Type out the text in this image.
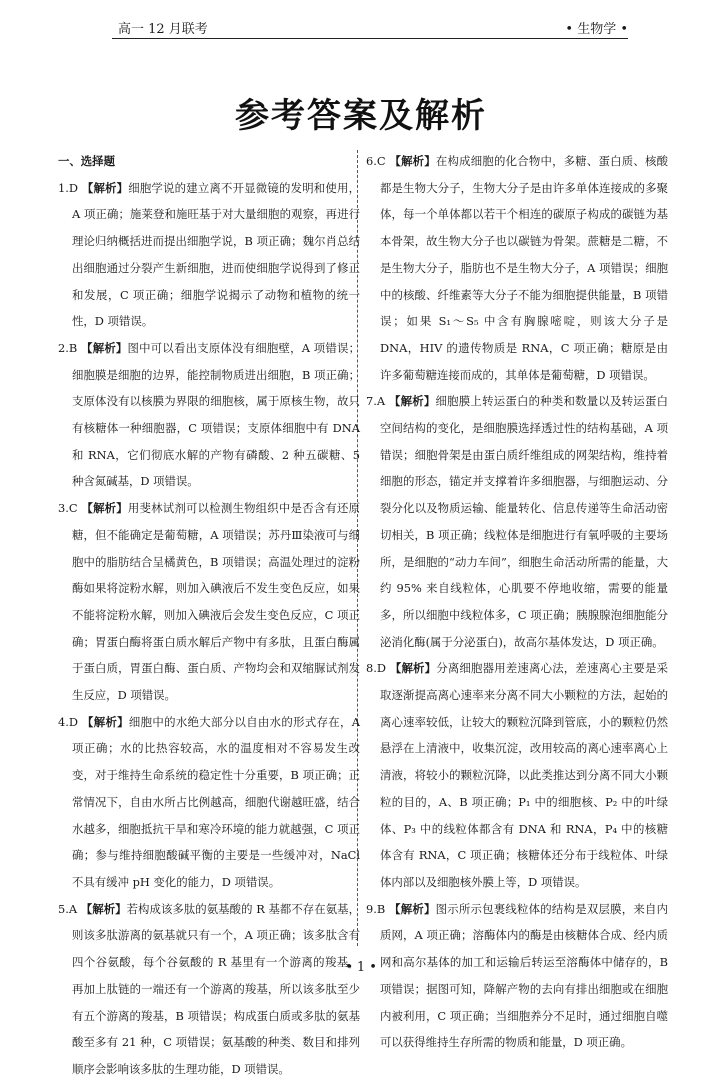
高一 12 月联考	• 生物学 •
参考答案及解析
一、选择题

1.D 【解析】细胞学说的建立离不开显微镜的发明和使用，A 项正确；施莱登和施旺基于对大量细胞的观察，再进行理论归纳概括进而提出细胞学说，B 项正确；魏尔肖总结出细胞通过分裂产生新细胞，进而使细胞学说得到了修正和发展，C 项正确；细胞学说揭示了动物和植物的统一性，D 项错误。

2.B 【解析】图中可以看出支原体没有细胞壁，A 项错误；细胞膜是细胞的边界，能控制物质进出细胞，B 项正确；支原体没有以核膜为界限的细胞核，属于原核生物，故只有核糖体一种细胞器，C 项错误；支原体细胞中有 DNA 和 RNA，它们彻底水解的产物有磷酸、2 种五碳糖、5 种含氮碱基，D 项错误。

3.C 【解析】用斐林试剂可以检测生物组织中是否含有还原糖，但不能确定是葡萄糖，A 项错误；苏丹Ⅲ染液可与细胞中的脂肪结合呈橘黄色，B 项错误；高温处理过的淀粉酶如果将淀粉水解，则加入碘液后不发生变色反应，如果不能将淀粉水解，则加入碘液后会发生变色反应，C 项正确；胃蛋白酶将蛋白质水解后产物中有多肽，且蛋白酶属于蛋白质，胃蛋白酶、蛋白质、产物均会和双缩脲试剂发生反应，D 项错误。

4.D 【解析】细胞中的水绝大部分以自由水的形式存在，A 项正确；水的比热容较高，水的温度相对不容易发生改变，对于维持生命系统的稳定性十分重要，B 项正确；正常情况下，自由水所占比例越高，细胞代谢越旺盛，结合水越多，细胞抵抗干旱和寒冷环境的能力就越强，C 项正确；参与维持细胞酸碱平衡的主要是一些缓冲对，NaCl 不具有缓冲 pH 变化的能力，D 项错误。

5.A 【解析】若构成该多肽的氨基酸的 R 基都不存在氨基，则该多肽游离的氨基就只有一个，A 项正确；该多肽含有四个谷氨酸，每个谷氨酸的 R 基里有一个游离的羧基，再加上肽链的一端还有一个游离的羧基，所以该多肽至少有五个游离的羧基，B 项错误；构成蛋白质或多肽的氨基酸至多有 21 种，C 项错误；氨基酸的种类、数目和排列顺序会影响该多肽的生理功能，D 项错误。

6.C 【解析】在构成细胞的化合物中，多糖、蛋白质、核酸都是生物大分子，生物大分子是由许多单体连接成的多聚体，每一个单体都以若干个相连的碳原子构成的碳链为基本骨架，故生物大分子也以碳链为骨架。蔗糖是二糖，不是生物大分子，脂肪也不是生物大分子，A 项错误；细胞中的核酸、纤维素等大分子不能为细胞提供能量，B 项错误；如果 S₁～S₅ 中含有胸腺嘧啶，则该大分子是 DNA，HIV 的遗传物质是 RNA，C 项正确；糖原是由许多葡萄糖连接而成的，其单体是葡萄糖，D 项错误。

7.A 【解析】细胞膜上转运蛋白的种类和数量以及转运蛋白空间结构的变化，是细胞膜选择透过性的结构基础，A 项错误；细胞骨架是由蛋白质纤维组成的网架结构，维持着细胞的形态，锚定并支撑着许多细胞器，与细胞运动、分裂分化以及物质运输、能量转化、信息传递等生命活动密切相关，B 项正确；线粒体是细胞进行有氧呼吸的主要场所，是细胞的“动力车间”，细胞生命活动所需的能量，大约 95% 来自线粒体，心肌要不停地收缩，需要的能量多，所以细胞中线粒体多，C 项正确；胰腺腺泡细胞能分泌消化酶(属于分泌蛋白)，故高尔基体发达，D 项正确。

8.D 【解析】分离细胞器用差速离心法，差速离心主要是采取逐渐提高离心速率来分离不同大小颗粒的方法，起始的离心速率较低，让较大的颗粒沉降到管底，小的颗粒仍然悬浮在上清液中，收集沉淀，改用较高的离心速率离心上清液，将较小的颗粒沉降，以此类推达到分离不同大小颗粒的目的，A、B 项正确；P₁ 中的细胞核、P₂ 中的叶绿体、P₃ 中的线粒体都含有 DNA 和 RNA，P₄ 中的核糖体含有 RNA，C 项正确；核糖体还分布于线粒体、叶绿体内部以及细胞核外膜上等，D 项错误。

9.B 【解析】图示所示包裹线粒体的结构是双层膜，来自内质网，A 项正确；溶酶体内的酶是由核糖体合成、经内质网和高尔基体的加工和运输后转运至溶酶体中储存的，B 项错误；据图可知，降解产物的去向有排出细胞或在细胞内被利用，C 项正确；当细胞养分不足时，通过细胞自噬可以获得维持生存所需的物质和能量，D 项正确。

• 1 •
